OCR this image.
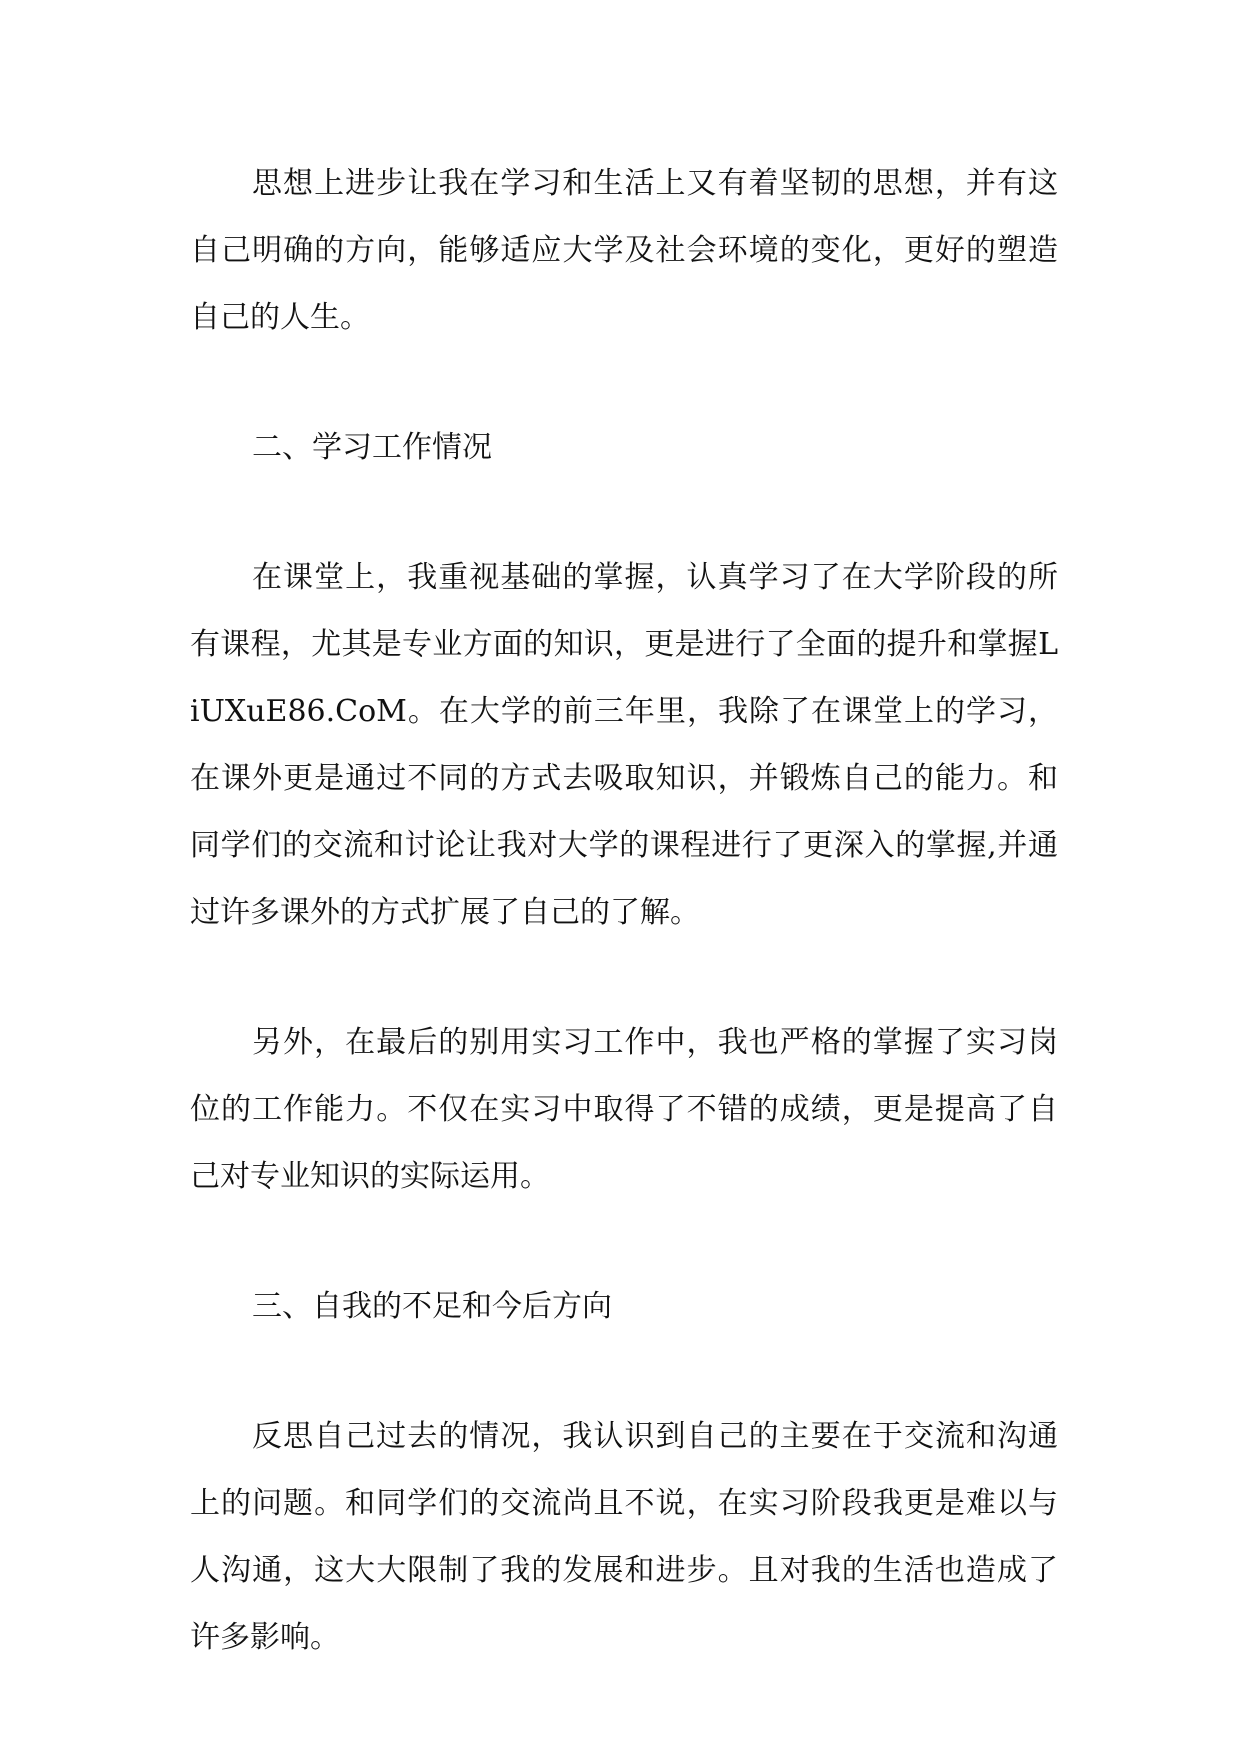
思想上进步让我在学习和生活上又有着坚韧的思想，并有这自己明确的方向，能够适应大学及社会环境的变化，更好的塑造自己的人生。

二、学习工作情况

在课堂上，我重视基础的掌握，认真学习了在大学阶段的所有课程，尤其是专业方面的知识，更是进行了全面的提升和掌握LiUXuE86.CoM。在大学的前三年里，我除了在课堂上的学习，在课外更是通过不同的方式去吸取知识，并锻炼自己的能力。和同学们的交流和讨论让我对大学的课程进行了更深入的掌握,并通过许多课外的方式扩展了自己的了解。

另外，在最后的别用实习工作中，我也严格的掌握了实习岗位的工作能力。不仅在实习中取得了不错的成绩，更是提高了自己对专业知识的实际运用。

三、自我的不足和今后方向

反思自己过去的情况，我认识到自己的主要在于交流和沟通上的问题。和同学们的交流尚且不说，在实习阶段我更是难以与人沟通，这大大限制了我的发展和进步。且对我的生活也造成了许多影响。
